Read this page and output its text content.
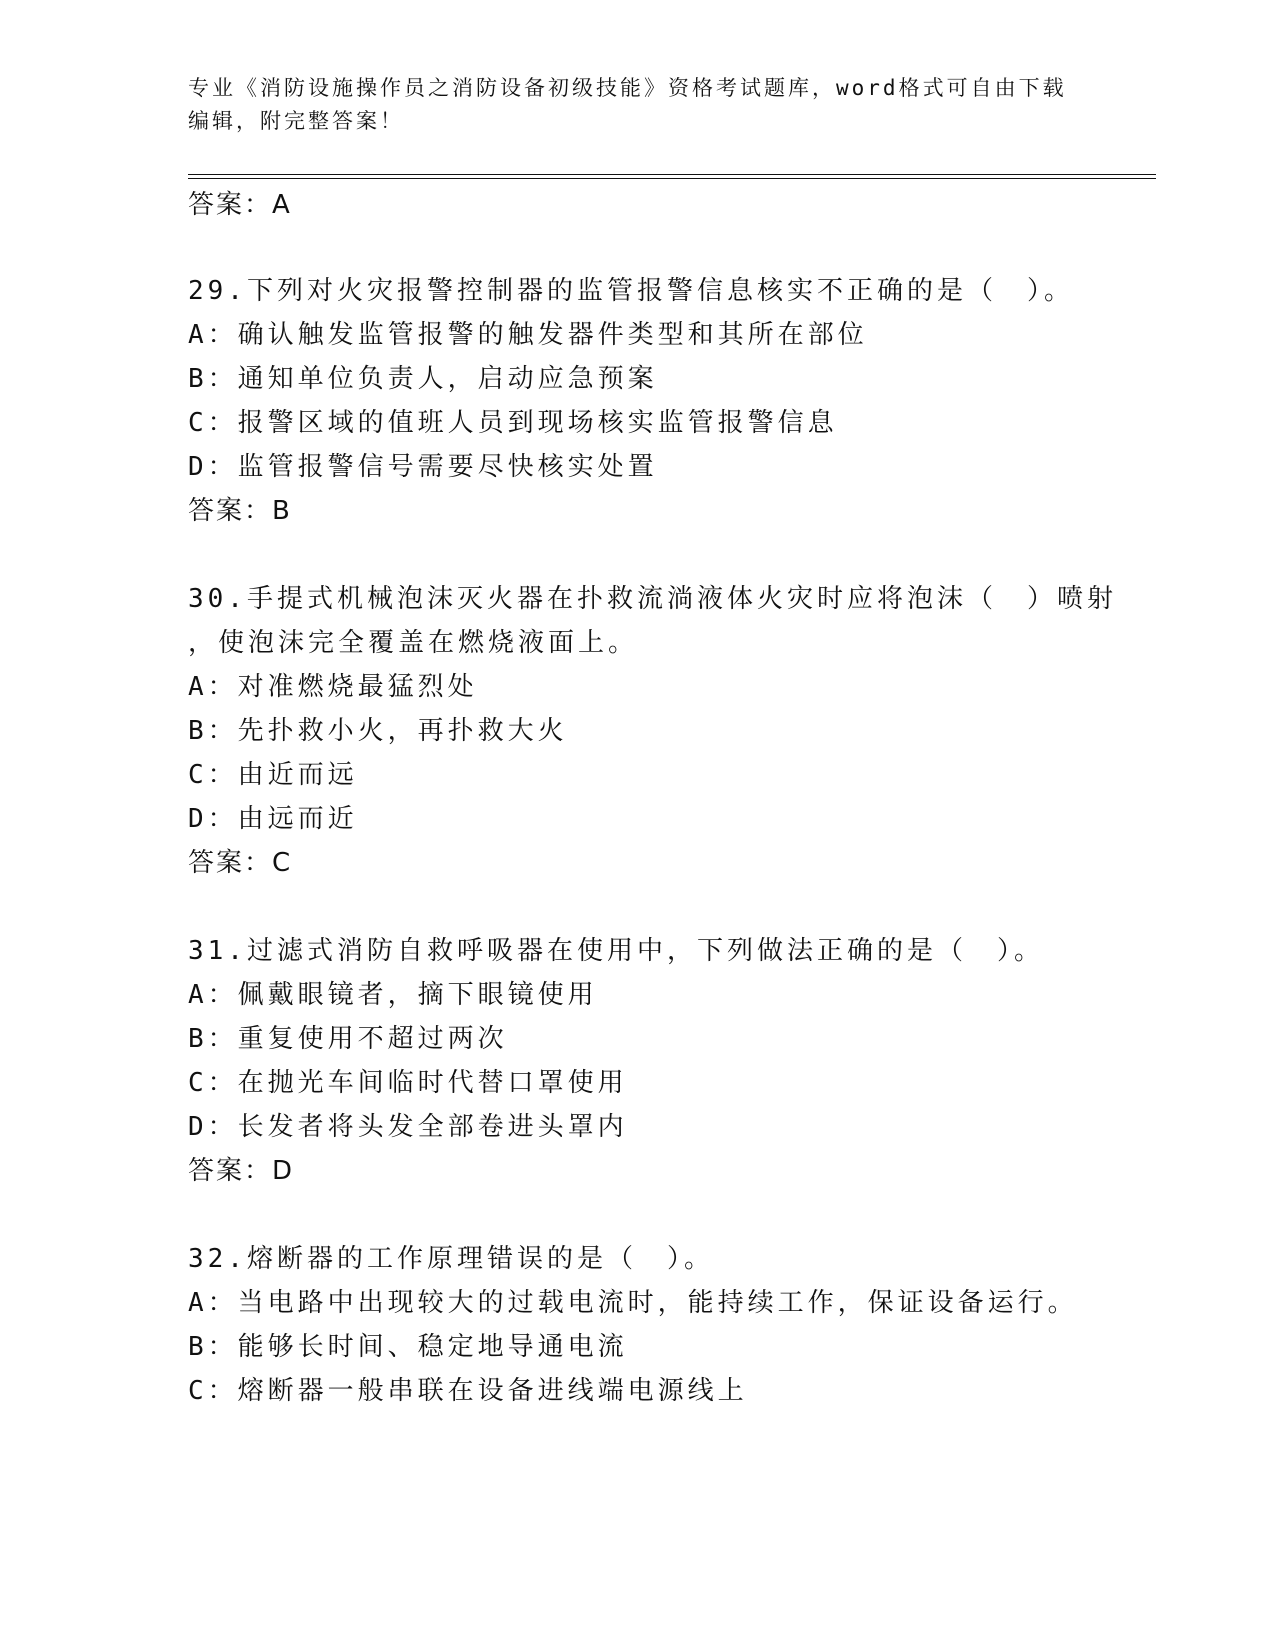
专业《消防设施操作员之消防设备初级技能》资格考试题库，word格式可自由下载编辑，附完整答案！
答案：A
29.下列对火灾报警控制器的监管报警信息核实不正确的是（　）。
A：确认触发监管报警的触发器件类型和其所在部位
B：通知单位负责人，启动应急预案
C：报警区域的值班人员到现场核实监管报警信息
D：监管报警信号需要尽快核实处置
答案：B
30.手提式机械泡沫灭火器在扑救流淌液体火灾时应将泡沫（　）喷射
，使泡沫完全覆盖在燃烧液面上。
A：对准燃烧最猛烈处
B：先扑救小火，再扑救大火
C：由近而远
D：由远而近
答案：C
31.过滤式消防自救呼吸器在使用中，下列做法正确的是（　）。
A：佩戴眼镜者，摘下眼镜使用
B：重复使用不超过两次
C：在抛光车间临时代替口罩使用
D：长发者将头发全部卷进头罩内
答案：D
32.熔断器的工作原理错误的是（　）。
A：当电路中出现较大的过载电流时，能持续工作，保证设备运行。
B：能够长时间、稳定地导通电流
C：熔断器一般串联在设备进线端电源线上
